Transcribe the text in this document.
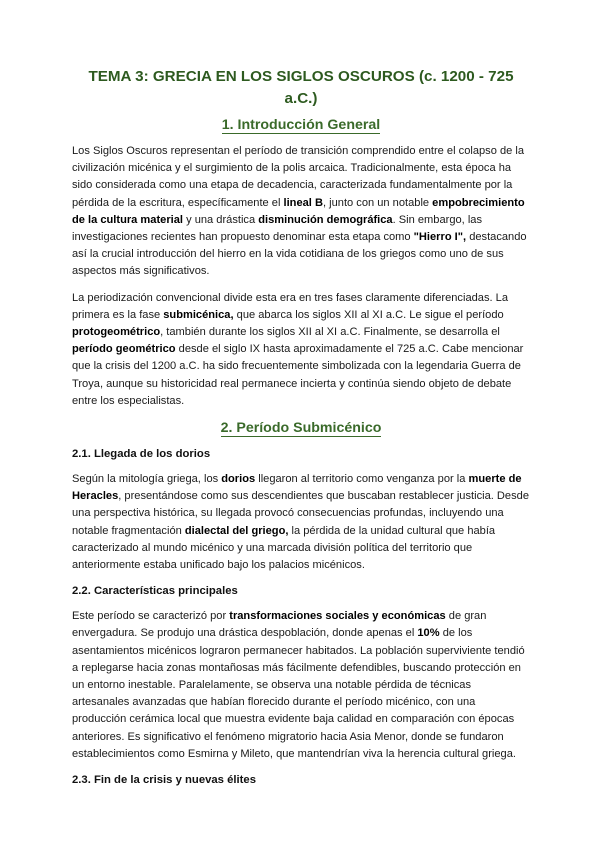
TEMA 3: GRECIA EN LOS SIGLOS OSCUROS (c. 1200 - 725 a.C.)
1. Introducción General

Los Siglos Oscuros representan el período de transición comprendido entre el colapso de la civilización micénica y el surgimiento de la polis arcaica. Tradicionalmente, esta época ha sido considerada como una etapa de decadencia, caracterizada fundamentalmente por la pérdida de la escritura, específicamente el lineal B, junto con un notable empobrecimiento de la cultura material y una drástica disminución demográfica. Sin embargo, las investigaciones recientes han propuesto denominar esta etapa como "Hierro I", destacando así la crucial introducción del hierro en la vida cotidiana de los griegos como uno de sus aspectos más significativos.

La periodización convencional divide esta era en tres fases claramente diferenciadas. La primera es la fase submicénica, que abarca los siglos XII al XI a.C. Le sigue el período protogeométrico, también durante los siglos XII al XI a.C. Finalmente, se desarrolla el período geométrico desde el siglo IX hasta aproximadamente el 725 a.C. Cabe mencionar que la crisis del 1200 a.C. ha sido frecuentemente simbolizada con la legendaria Guerra de Troya, aunque su historicidad real permanece incierta y continúa siendo objeto de debate entre los especialistas.

2. Período Submicénico
2.1. Llegada de los dorios

Según la mitología griega, los dorios llegaron al territorio como venganza por la muerte de Heracles, presentándose como sus descendientes que buscaban restablecer justicia. Desde una perspectiva histórica, su llegada provocó consecuencias profundas, incluyendo una notable fragmentación dialectal del griego, la pérdida de la unidad cultural que había caracterizado al mundo micénico y una marcada división política del territorio que anteriormente estaba unificado bajo los palacios micénicos.

2.2. Características principales

Este período se caracterizó por transformaciones sociales y económicas de gran envergadura. Se produjo una drástica despoblación, donde apenas el 10% de los asentamientos micénicos lograron permanecer habitados. La población superviviente tendió a replegarse hacia zonas montañosas más fácilmente defendibles, buscando protección en un entorno inestable. Paralelamente, se observa una notable pérdida de técnicas artesanales avanzadas que habían florecido durante el período micénico, con una producción cerámica local que muestra evidente baja calidad en comparación con épocas anteriores. Es significativo el fenómeno migratorio hacia Asia Menor, donde se fundaron establecimientos como Esmirna y Mileto, que mantendrían viva la herencia cultural griega.

2.3. Fin de la crisis y nuevas élites
